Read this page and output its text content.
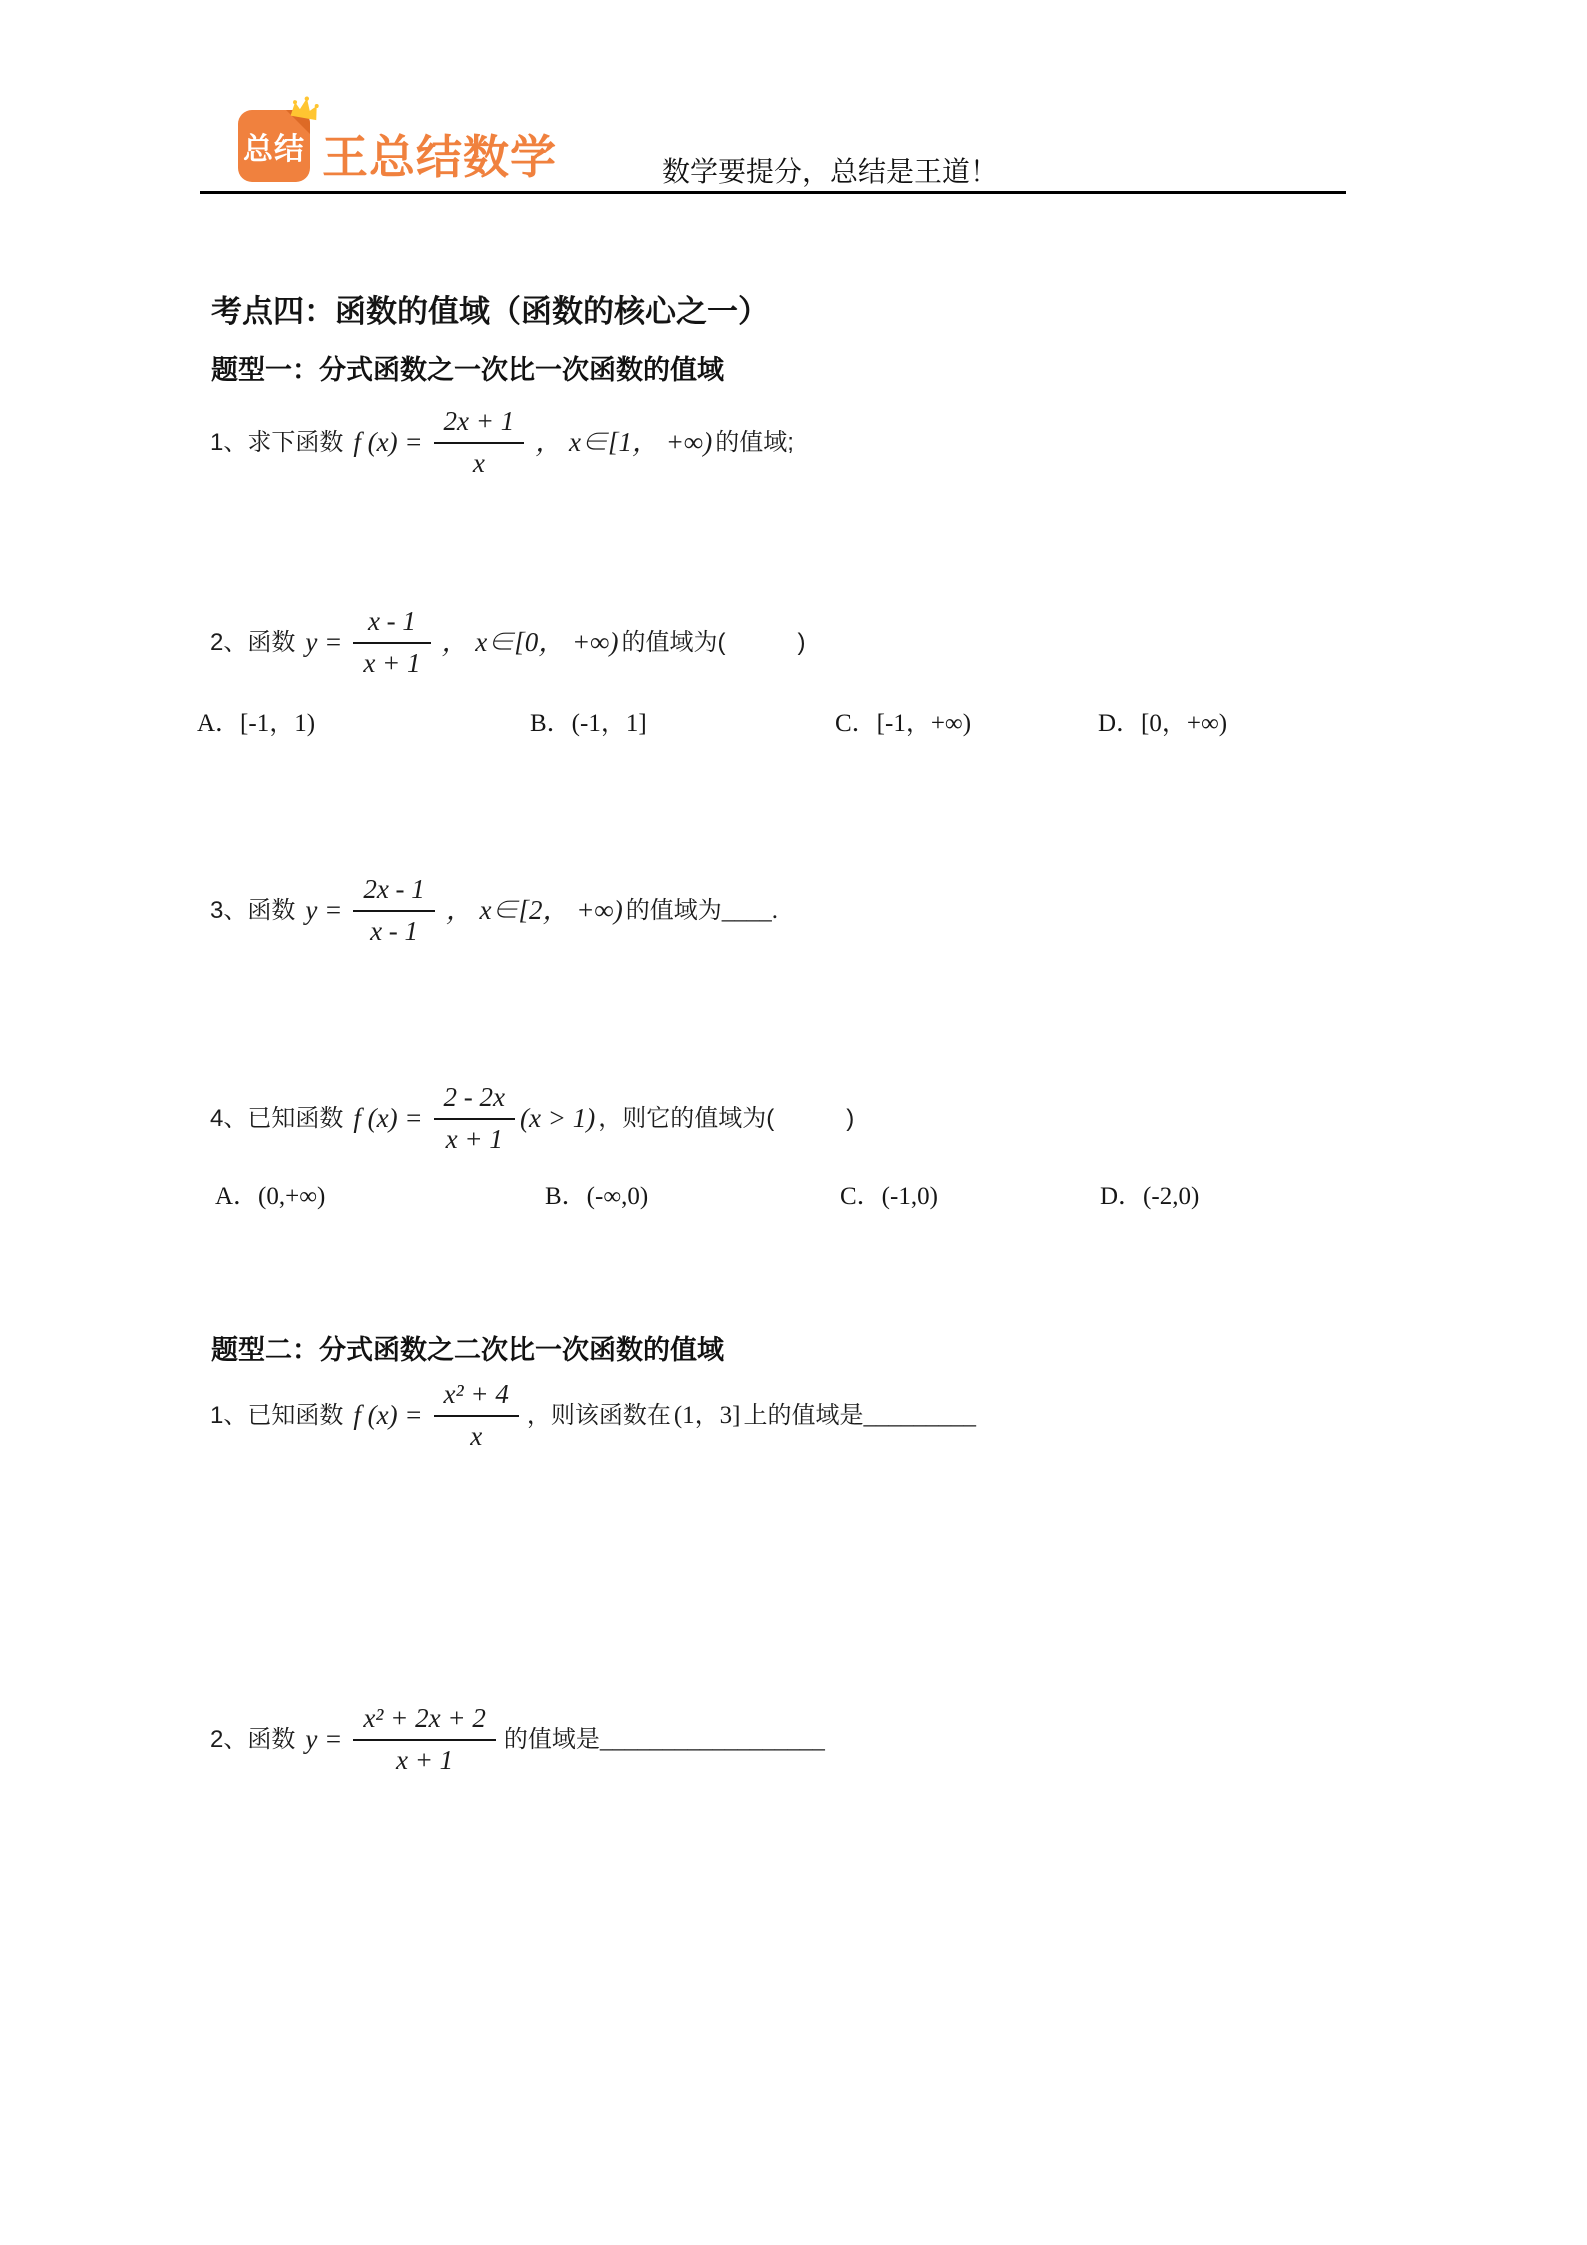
总结 王总结数学	数学要提分，总结是王道！
考点四：函数的值域（函数的核心之一）
题型一：分式函数之一次比一次函数的值域
1、求下函数 f $(x) = \frac{2x + 1}{x}$ ， x∈[1， +∞) 的值域;
2、函数 $y = \frac{x - 1}{x + 1}$ ， x∈[0， +∞) 的值域为(　　　)
A．[-1，1)	B．(-1，1]	C．[-1，+∞)	D．[0，+∞)
3、函数 $y = \frac{2x - 1}{x - 1}$ ， x∈[2， +∞) 的值域为 ____.
4、已知函数 f $(x) = \frac{2 - 2x}{x + 1} (x > 1)$ ，则它的值域为(　　　)
A．(0,+∞)	B．(-∞,0)	C．(-1,0)	D．(-2,0)
题型二：分式函数之二次比一次函数的值域
1、已知函数 f $(x) = \frac{\text{x² + 4}}{x}$ ，则该函数在 (1，3] 上的值域是 _________
2、函数 $y = \frac{\text{x² + 2x + 2}}{x + 1}$ 的值域是 __________________
